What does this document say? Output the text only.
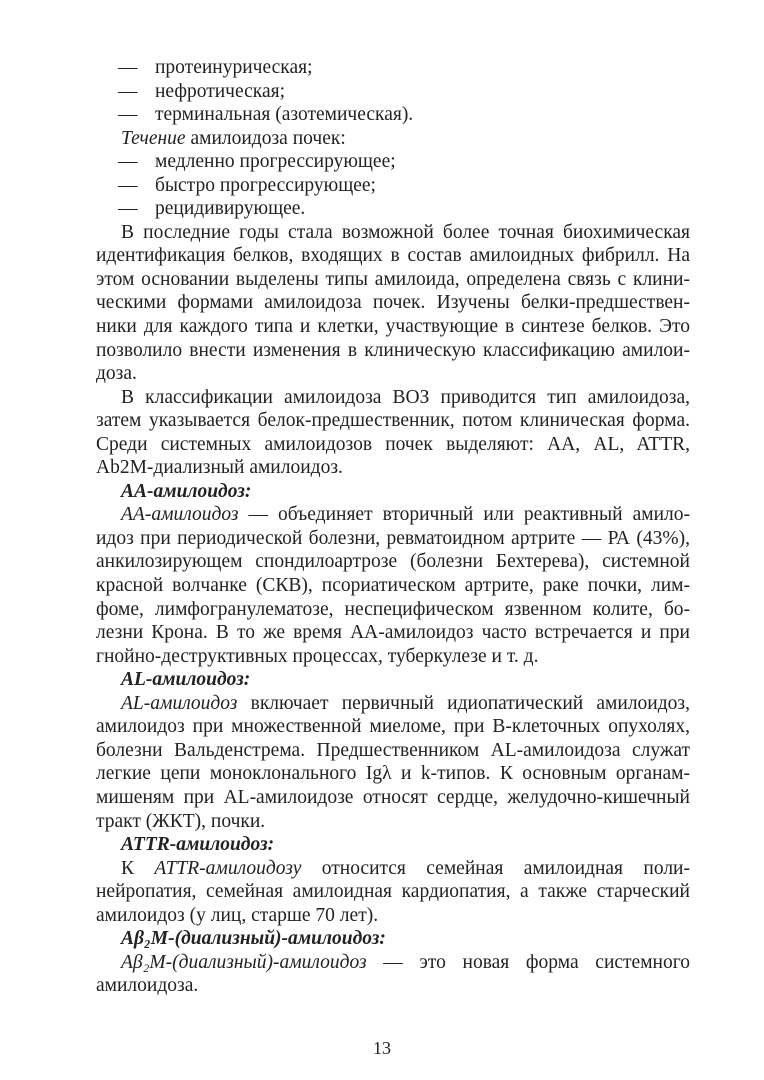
— протеинурическая;
— нефротическая;
— терминальная (азотемическая).
Течение амилоидоза почек:
— медленно прогрессирующее;
— быстро прогрессирующее;
— рецидивирующее.
В последние годы стала возможной более точная биохимическая
идентификация белков, входящих в состав амилоидных фибрилл. На
этом основании выделены типы амилоида, определена связь с клини-
ческими формами амилоидоза почек. Изучены белки-предшествен-
ники для каждого типа и клетки, участвующие в синтезе белков. Это
позволило внести изменения в клиническую классификацию амилои-
доза.
В классификации амилоидоза ВОЗ приводится тип амилоидоза,
затем указывается белок-предшественник, потом клиническая форма.
Среди системных амилоидозов почек выделяют: АА, AL, ATTR,
Ab2M-диализный амилоидоз.
АА-амилоидоз:
АА-амилоидоз — объединяет вторичный или реактивный амило-
идоз при периодической болезни, ревматоидном артрите — РА (43%),
анкилозирующем спондилоартрозе (болезни Бехтерева), системной
красной волчанке (СКВ), псориатическом артрите, раке почки, лим-
фоме, лимфогранулематозе, неспецифическом язвенном колите, бо-
лезни Крона. В то же время АА-амилоидоз часто встречается и при
гнойно-деструктивных процессах, туберкулезе и т. д.
AL-амилоидоз:
AL-амилоидоз включает первичный идиопатический амилоидоз,
амилоидоз при множественной миеломе, при В-клеточных опухолях,
болезни Вальденстрема. Предшественником AL-амилоидоза служат
легкие цепи моноклонального Igλ и k-типов. К основным органам-
мишеням при AL-амилоидозе относят сердце, желудочно-кишечный
тракт (ЖКТ), почки.
ATTR-амилоидоз:
К ATTR-амилоидозу относится семейная амилоидная поли-
нейропатия, семейная амилоидная кардиопатия, а также старческий
амилоидоз (у лиц, старше 70 лет).
Aβ₂M-(диализный)-амилоидоз:
Aβ₂M-(диализный)-амилоидоз — это новая форма системного
амилоидоза.
13
